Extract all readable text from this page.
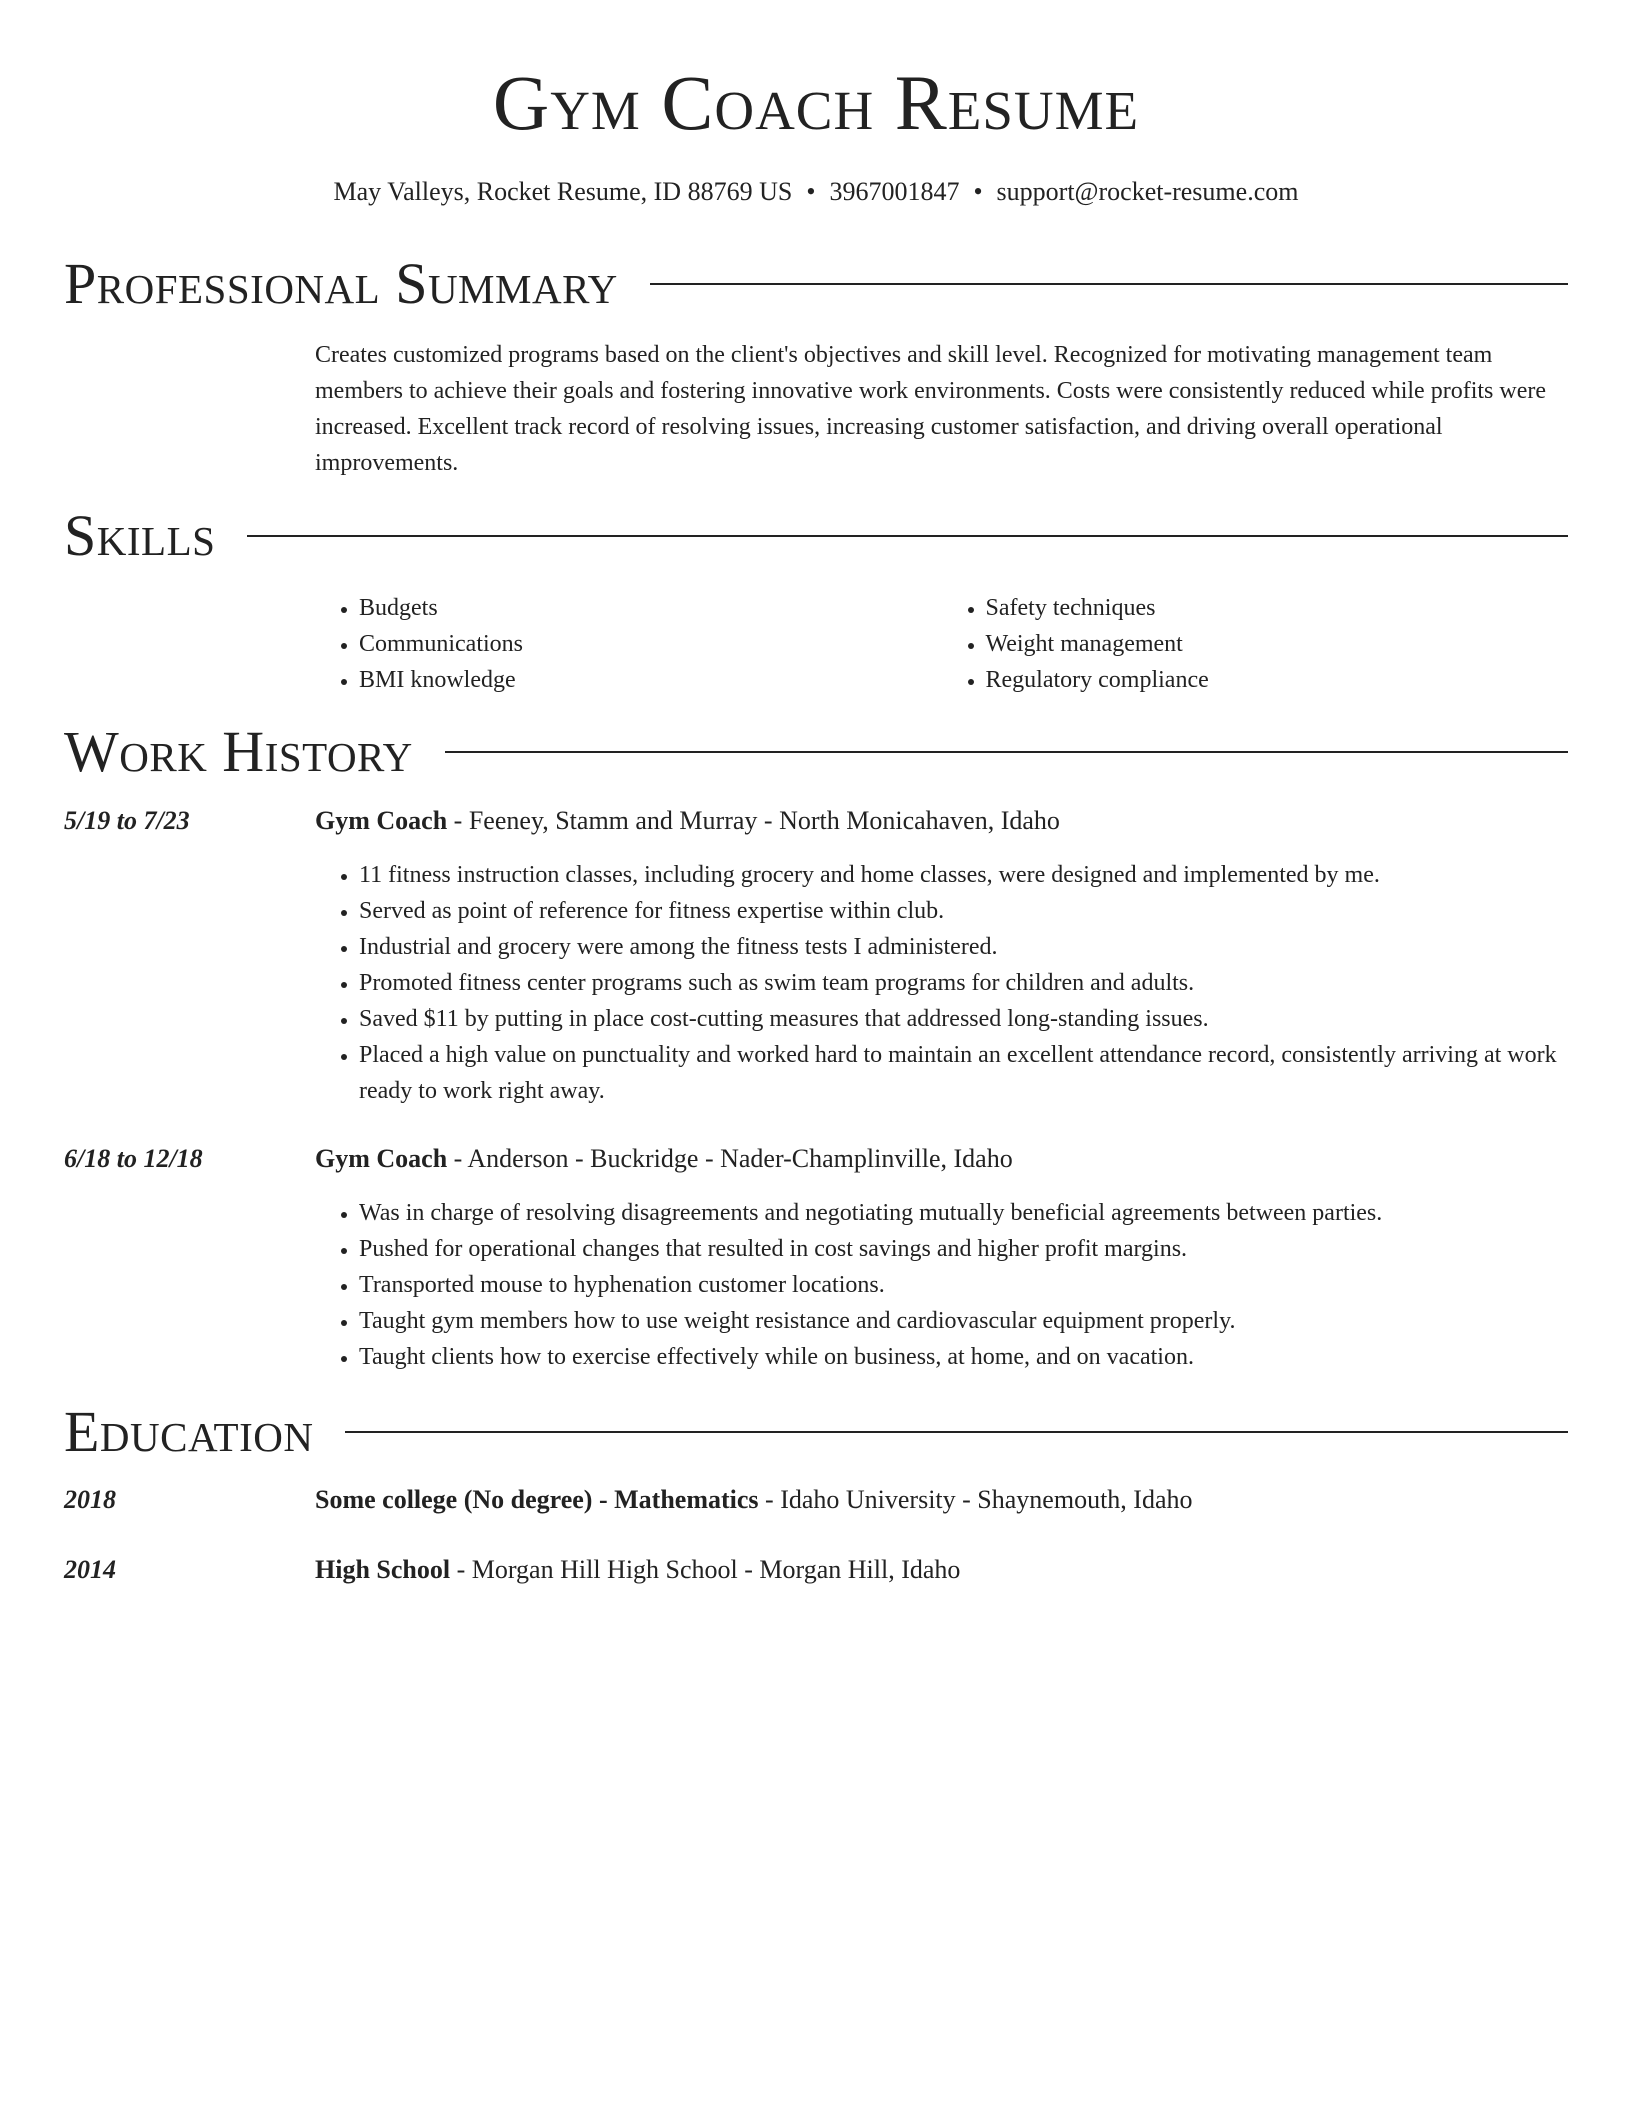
Gym Coach Resume
May Valleys, Rocket Resume, ID 88769 US • 3967001847 • support@rocket-resume.com
Professional Summary

Creates customized programs based on the client's objectives and skill level. Recognized for motivating management team members to achieve their goals and fostering innovative work environments. Costs were consistently reduced while profits were increased. Excellent track record of resolving issues, increasing customer satisfaction, and driving overall operational improvements.

Skills
• Budgets
• Communications
• BMI knowledge
• Safety techniques
• Weight management
• Regulatory compliance
Work History
5/19 to 7/23	Gym Coach - Feeney, Stamm and Murray - North Monicahaven, Idaho
• 11 fitness instruction classes, including grocery and home classes, were designed and implemented by me.
• Served as point of reference for fitness expertise within club.
• Industrial and grocery were among the fitness tests I administered.
• Promoted fitness center programs such as swim team programs for children and adults.
• Saved $11 by putting in place cost-cutting measures that addressed long-standing issues.
• Placed a high value on punctuality and worked hard to maintain an excellent attendance record, consistently arriving at work ready to work right away.
6/18 to 12/18	Gym Coach - Anderson - Buckridge - Nader-Champlinville, Idaho
• Was in charge of resolving disagreements and negotiating mutually beneficial agreements between parties.
• Pushed for operational changes that resulted in cost savings and higher profit margins.
• Transported mouse to hyphenation customer locations.
• Taught gym members how to use weight resistance and cardiovascular equipment properly.
• Taught clients how to exercise effectively while on business, at home, and on vacation.
Education
2018	Some college (No degree) - Mathematics - Idaho University - Shaynemouth, Idaho
2014	High School - Morgan Hill High School - Morgan Hill, Idaho
